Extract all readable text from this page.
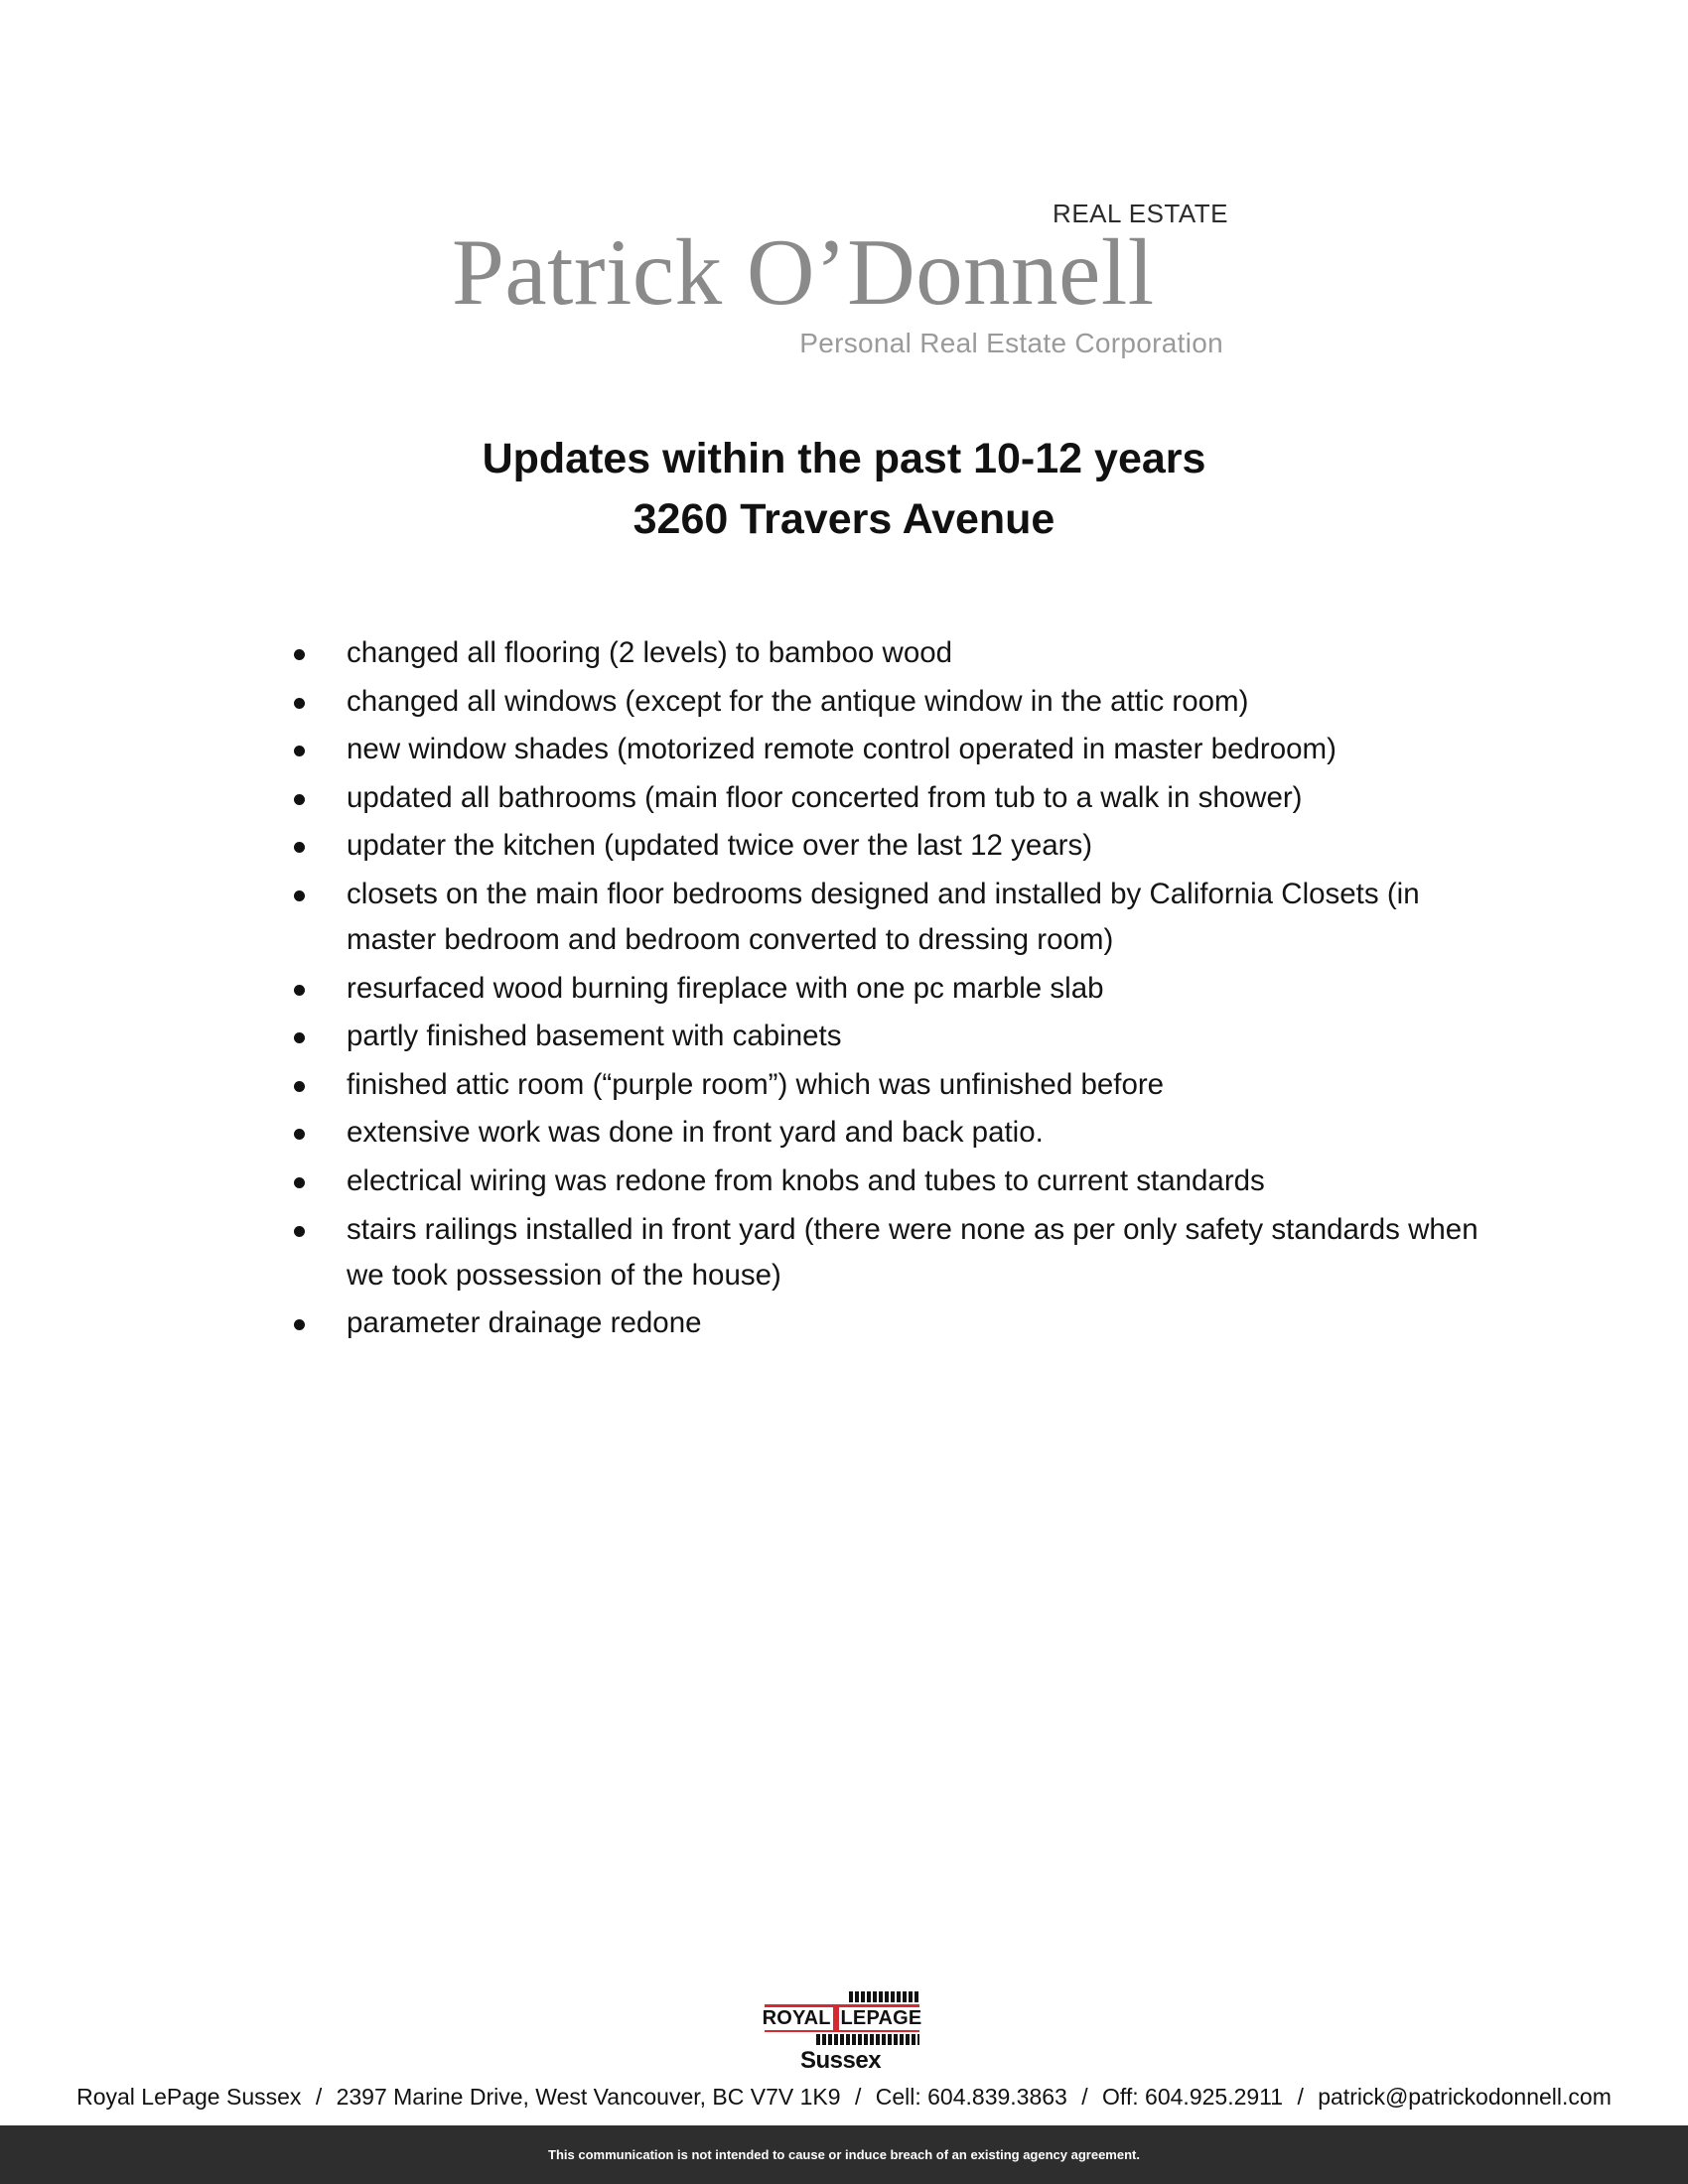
REAL ESTATE
Patrick O’Donnell
Personal Real Estate Corporation
Updates within the past 10-12 years
3260 Travers Avenue
changed all flooring (2 levels) to bamboo wood
changed all windows (except for the antique window in the attic room)
new window shades (motorized remote control operated in master bedroom)
updated all bathrooms (main floor concerted from tub to a walk in shower)
updater the kitchen (updated twice over the last 12 years)
closets on the main floor bedrooms designed and installed by California Closets (in master bedroom and bedroom converted to dressing room)
resurfaced wood burning fireplace with one pc marble slab
partly finished basement with cabinets
finished attic room (“purple room”) which was unfinished before
extensive work was done in front yard and back patio.
electrical wiring was redone from knobs and tubes to current standards
stairs railings installed in front yard (there were none as per only safety standards when we took possession of the house)
parameter drainage redone
ROYAL
LEPAGE
Sussex
Royal LePage Sussex / 2397 Marine Drive, West Vancouver, BC V7V 1K9 / Cell: 604.839.3863 / Off: 604.925.2911 / patrick@patrickodonnell.com
This communication is not intended to cause or induce breach of an existing agency agreement.
